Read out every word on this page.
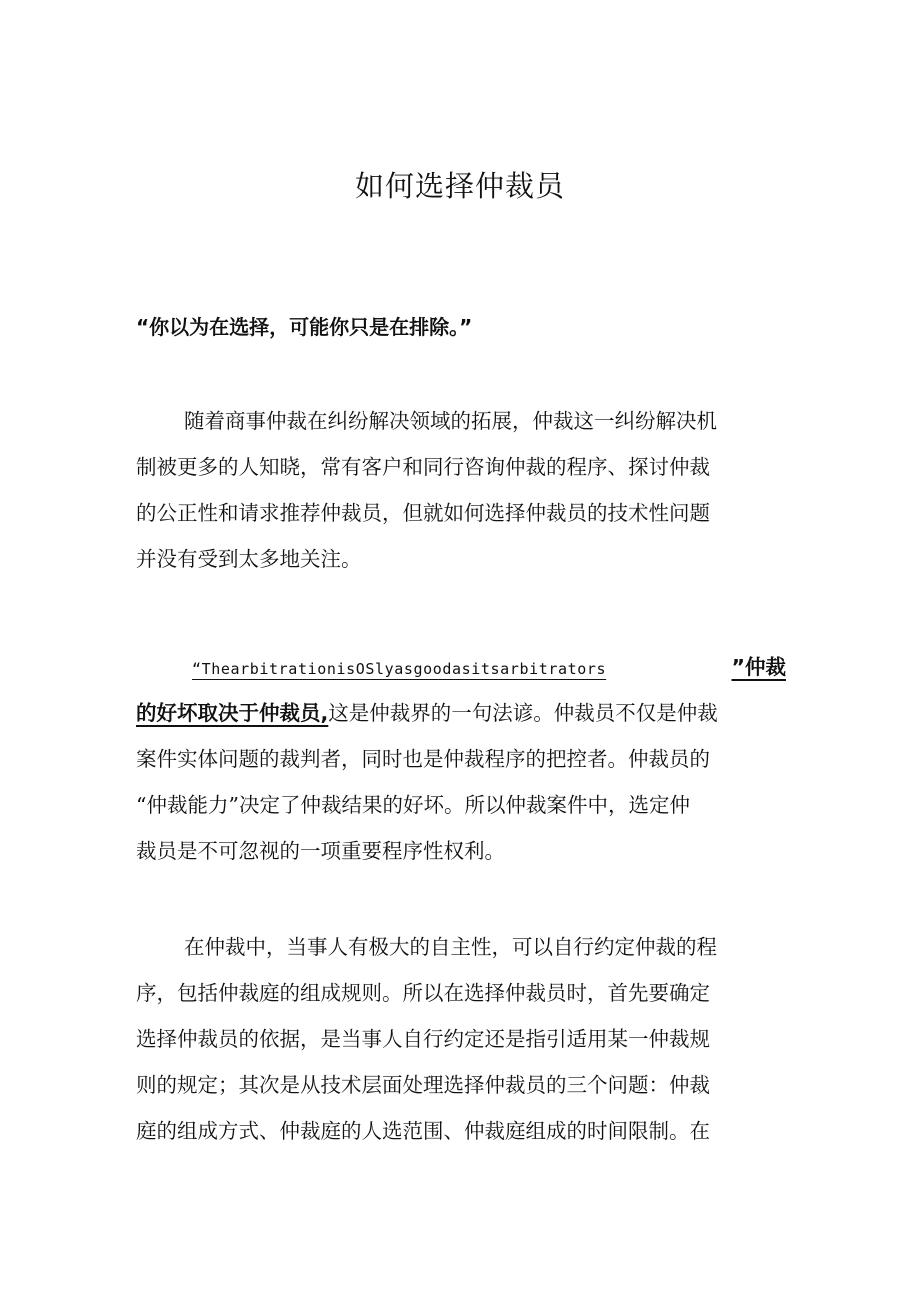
如何选择仲裁员
“你以为在选择，可能你只是在排除。”
随着商事仲裁在纠纷解决领域的拓展，仲裁这一纠纷解决机
制被更多的人知晓，常有客户和同行咨询仲裁的程序、探讨仲裁
的公正性和请求推荐仲裁员，但就如何选择仲裁员的技术性问题
并没有受到太多地关注。
“ThearbitrationisOSlyasgoodasitsarbitrators	”仲裁
的好坏取决于仲裁员,这是仲裁界的一句法谚。仲裁员不仅是仲裁
案件实体问题的裁判者，同时也是仲裁程序的把控者。仲裁员的
“仲裁能力”决定了仲裁结果的好坏。所以仲裁案件中，选定仲
裁员是不可忽视的一项重要程序性权利。
在仲裁中，当事人有极大的自主性，可以自行约定仲裁的程
序，包括仲裁庭的组成规则。所以在选择仲裁员时，首先要确定
选择仲裁员的依据，是当事人自行约定还是指引适用某一仲裁规
则的规定；其次是从技术层面处理选择仲裁员的三个问题：仲裁
庭的组成方式、仲裁庭的人选范围、仲裁庭组成的时间限制。在
